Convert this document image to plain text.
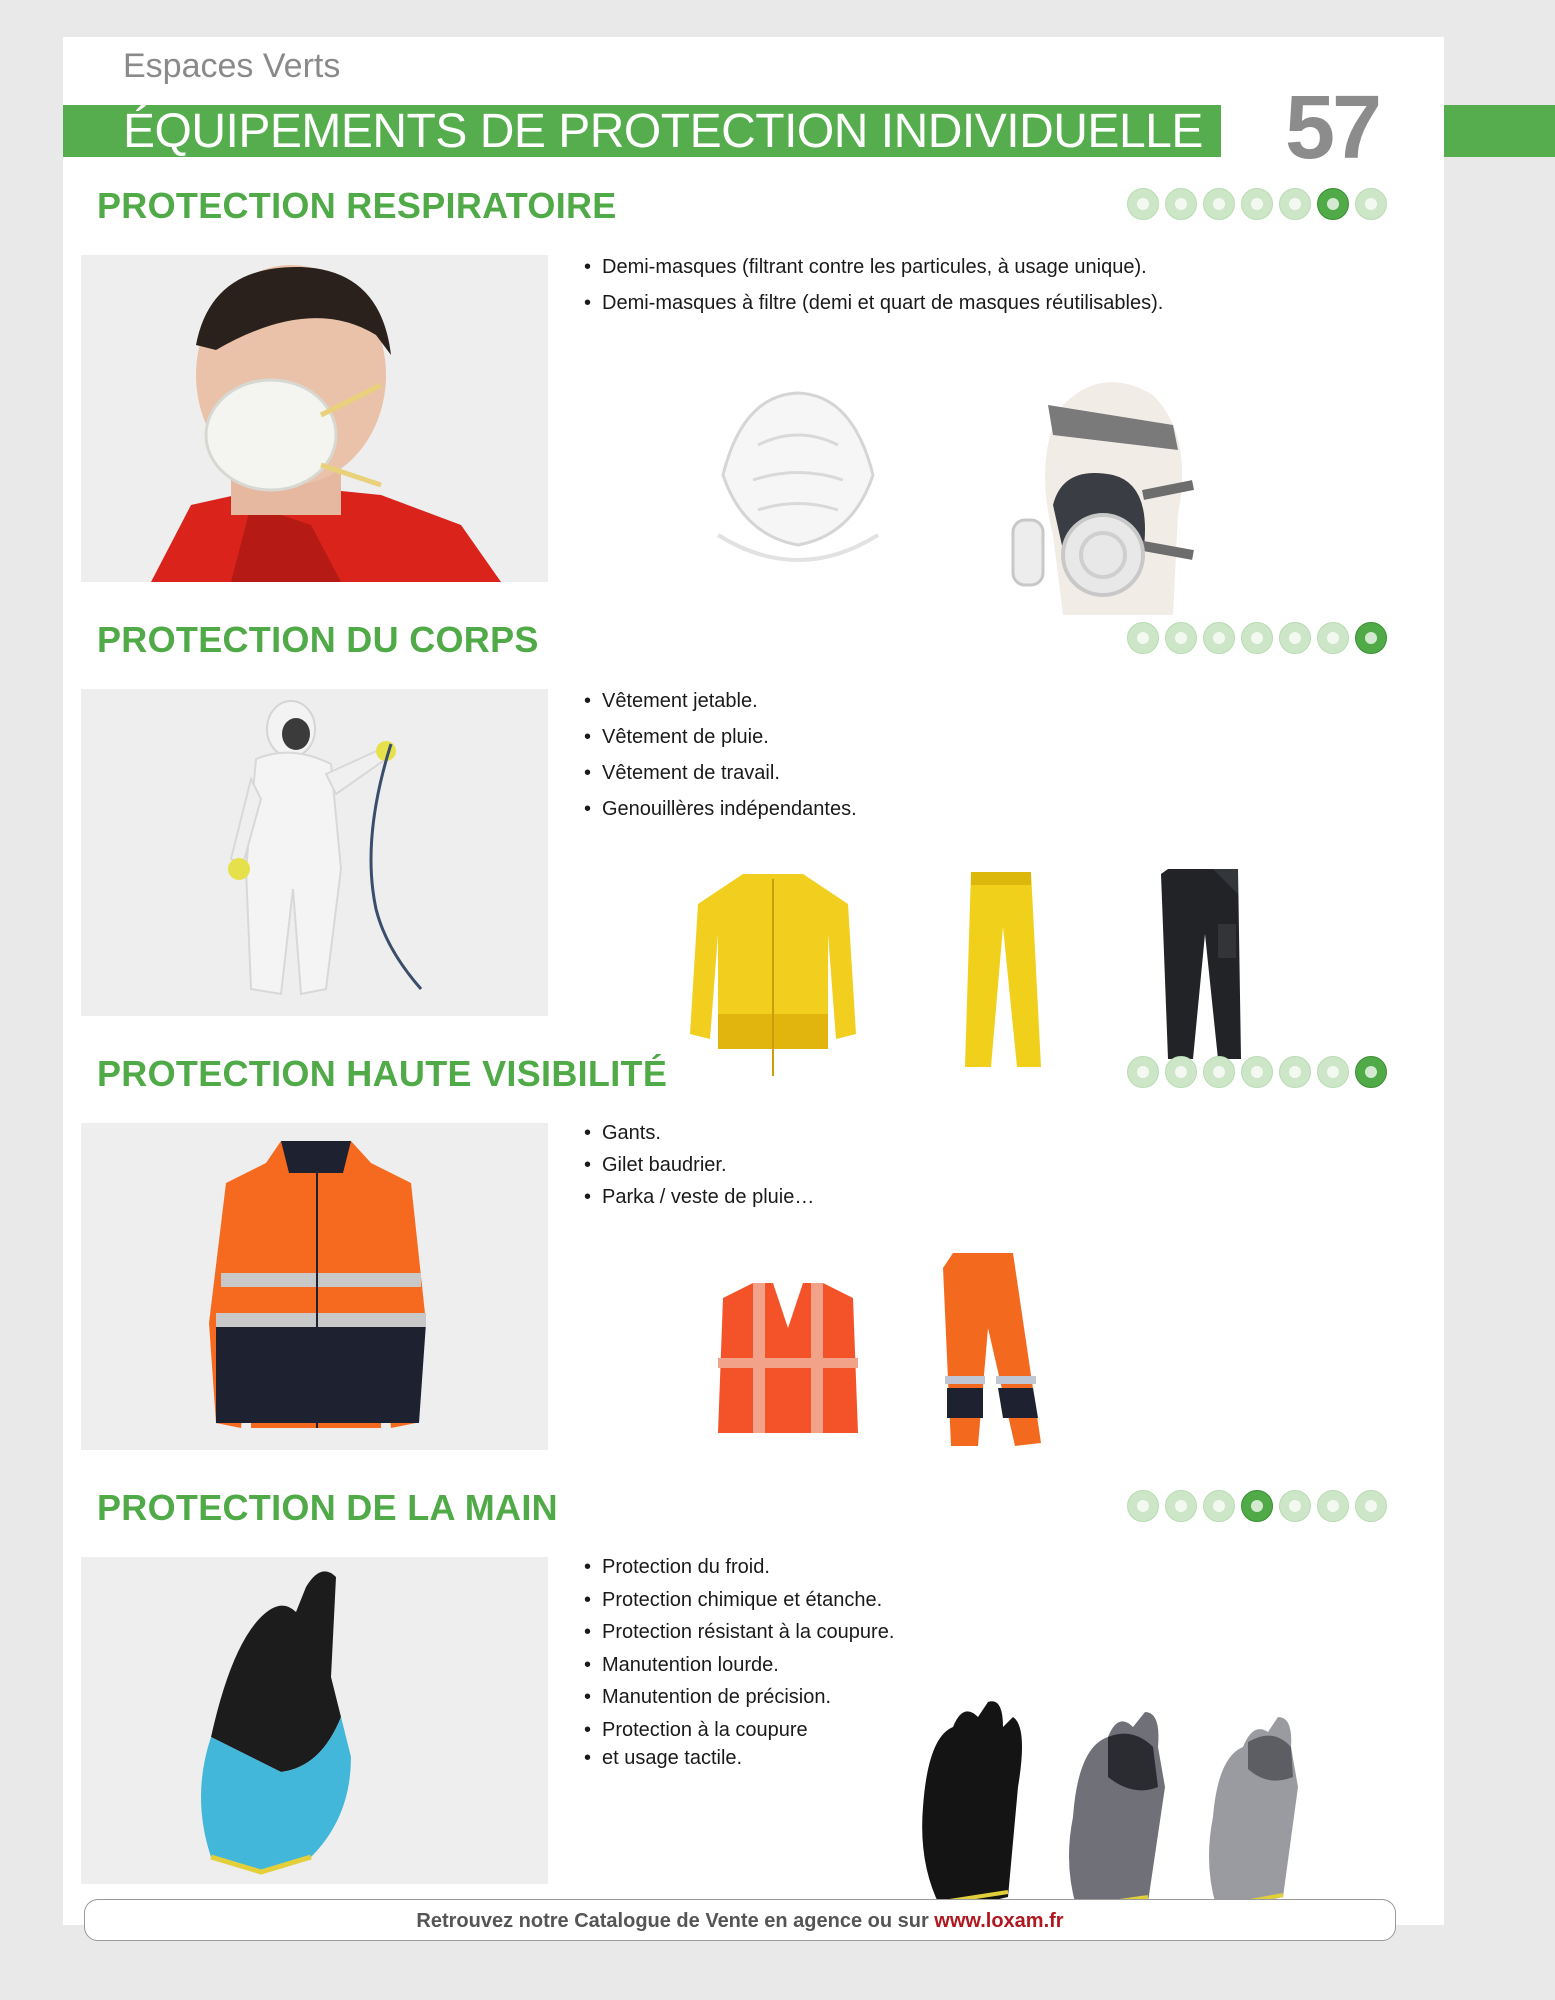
Espaces Verts
ÉQUIPEMENTS DE PROTECTION INDIVIDUELLE 57
PROTECTION RESPIRATOIRE
• Demi-masques (filtrant contre les particules, à usage unique).
• Demi-masques à filtre (demi et quart de masques réutilisables).
PROTECTION DU CORPS
• Vêtement jetable.
• Vêtement de pluie.
• Vêtement de travail.
• Genouillères indépendantes.
PROTECTION HAUTE VISIBILITÉ
• Gants.
• Gilet baudrier.
• Parka / veste de pluie…
PROTECTION DE LA MAIN
• Protection du froid.
• Protection chimique et étanche.
• Protection résistant à la coupure.
• Manutention lourde.
• Manutention de précision.
• Protection à la coupure
• et usage tactile.
Retrouvez notre Catalogue de Vente en agence ou sur www.loxam.fr
